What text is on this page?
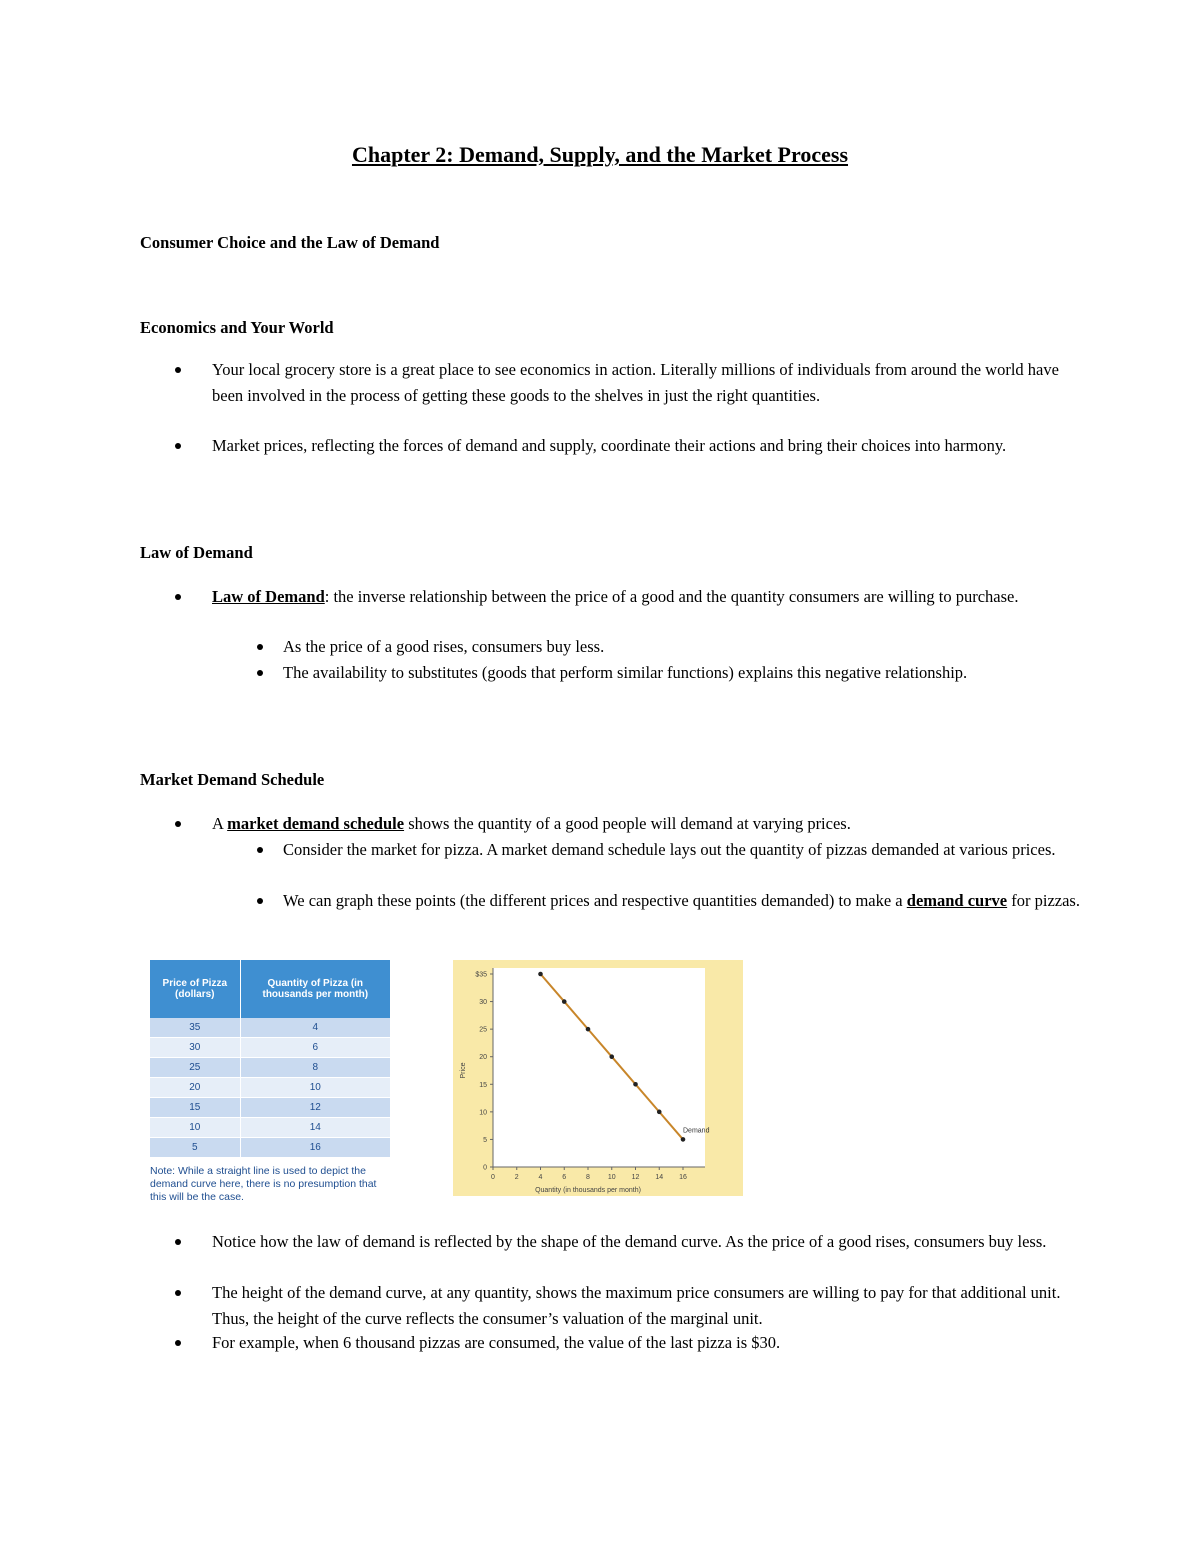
Chapter 2: Demand, Supply, and the Market Process
Consumer Choice and the Law of Demand
Economics and Your World
Your local grocery store is a great place to see economics in action. Literally millions of individuals from around the world have been involved in the process of getting these goods to the shelves in just the right quantities.
Market prices, reflecting the forces of demand and supply, coordinate their actions and bring their choices into harmony.
Law of Demand
Law of Demand: the inverse relationship between the price of a good and the quantity consumers are willing to purchase.
As the price of a good rises, consumers buy less.
The availability to substitutes (goods that perform similar functions) explains this negative relationship.
Market Demand Schedule
A market demand schedule shows the quantity of a good people will demand at varying prices.
Consider the market for pizza. A market demand schedule lays out the quantity of pizzas demanded at various prices.
We can graph these points (the different prices and respective quantities demanded) to make a demand curve for pizzas.
Price of Pizza (dollars)	Quantity of Pizza (in thousands per month)
35	4
30	6
25	8
20	10
15	12
10	14
5	16
Note: While a straight line is used to depict the demand curve here, there is no presumption that this will be the case.
0	2	4	6	8	10 12 14 16
0
5
10
15
20
25
30
$35
Price
Quantity (in thousands per month)
Demand
Notice how the law of demand is reflected by the shape of the demand curve. As the price of a good rises, consumers buy less.
The height of the demand curve, at any quantity, shows the maximum price consumers are willing to pay for that additional unit. Thus, the height of the curve reflects the consumer’s valuation of the marginal unit.
For example, when 6 thousand pizzas are consumed, the value of the last pizza is $30.
